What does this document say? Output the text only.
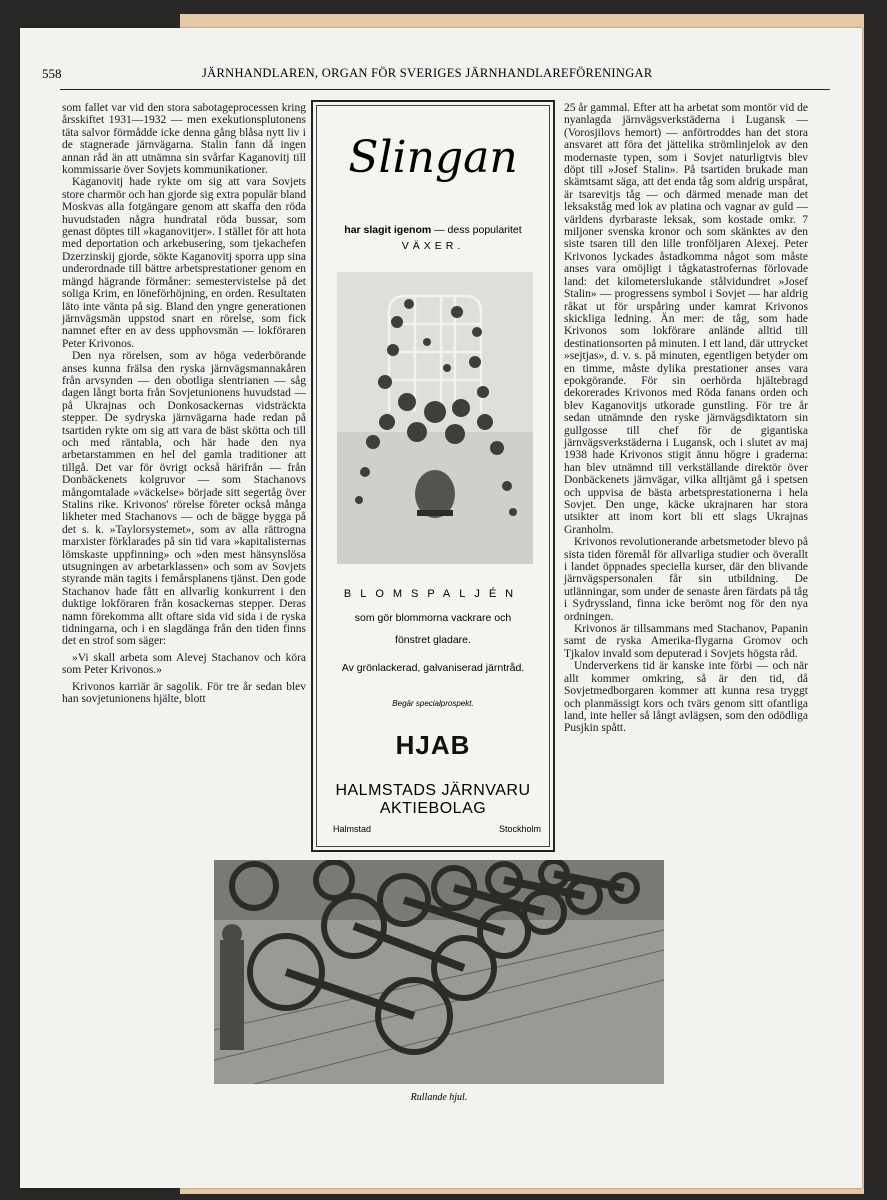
558	JÄRNHANDLAREN, ORGAN FÖR SVERIGES JÄRNHANDLAREFÖRENINGAR

som fallet var vid den stora sabotageprocessen kring årsskiftet 1931—1932 — men exekutionsplutonens täta salvor förmådde icke denna gång blåsa nytt liv i de stagnerade järnvägarna. Stalin fann då ingen annan råd än att utnämna sin svårfar Kaganovitj till kommissarie över Sovjets kommunikationer.

Kaganovitj hade rykte om sig att vara Sovjets store charmör och han gjorde sig extra populär bland Moskvas alla fotgängare genom att skaffa den röda huvudstaden några hundratal röda bussar, som genast döptes till »kaganovitjer». I stället för att hota med deportation och arkebusering, som tjekachefen Dzerzinskij gjorde, sökte Kaganovitj sporra upp sina underordnade till bättre arbetsprestationer genom en mängd hägrande förmåner: semestervistelse på det soliga Krim, en löneförhöjning, en orden. Resultaten läto inte vänta på sig. Bland den yngre generationen järnvägsmän uppstod snart en rörelse, som fick namnet efter en av dess upphovsmän — lokföraren Peter Krivonos.

Den nya rörelsen, som av höga vederbörande anses kunna frälsa den ryska järnvägsmannakåren från arvsynden — den obotliga slentrianen — såg dagen långt borta från Sovjetunionens huvudstad — på Ukrajnas och Donkosackernas vidsträckta stepper. De sydryska järnvägarna hade redan på tsartiden rykte om sig att vara de bäst skötta och till och med räntabla, och här hade den nya arbetarstammen en hel del gamla traditioner att tillgå. Det var för övrigt också härifrån — från Donbäckenets kolgruvor — som Stachanovs mångomtalade »väckelse» började sitt segertåg över Stalins rike. Krivonos' rörelse företer också många likheter med Stachanovs — och de bägge bygga på det s. k. »Taylorsystemet», som av alla rättrogna marxister förklarades på sin tid vara »kapitalisternas lömskaste uppfinning» och »den mest hänsynslösa utsugningen av arbetarklassen» och som av Sovjets styrande män tagits i femårsplanens tjänst. Den gode Stachanov hade fått en allvarlig konkurrent i den duktige lokföraren från kosackernas stepper. Deras namn förekomma allt oftare sida vid sida i de ryska tidningarna, och i en slagdänga från den tiden finns det en strof som säger:

»Vi skall arbeta som Alevej Stachanov och köra som Peter Krivonos.»

Krivonos karriär är sagolik. För tre år sedan blev han sovjetunionens hjälte, blott

Slingan
har slagit igenom — dess popularitet
VÄXER.
BLOMSPALJÉN
som gör blommorna vackrare och
fönstret gladare.
Av grönlackerad, galvaniserad järntråd.
Begär specialprospekt.
HJAB
HALMSTADS JÄRNVARU
AKTIEBOLAG
Halmstad	Stockholm

25 år gammal. Efter att ha arbetat som montör vid de nyanlagda järnvägsverkstäderna i Lugansk — (Vorosjilovs hemort) — anförtroddes han det stora ansvaret att föra det jättelika strömlinjelok av den modernaste typen, som i Sovjet naturligtvis blev döpt till »Josef Stalin». På tsartiden brukade man skämtsamt säga, att det enda tåg som aldrig urspårat, är tsarevitjs tåg — och därmed menade man det leksakståg med lok av platina och vagnar av guld — världens dyrbaraste leksak, som kostade omkr. 7 miljoner svenska kronor och som skänktes av den siste tsaren till den lille tronföljaren Alexej. Peter Krivonos lyckades åstadkomma något som måste anses vara omöjligt i tågkatastrofernas förlovade land: det kilometerslukande stålvidundret »Josef Stalin» — progressens symbol i Sovjet — har aldrig råkat ut för urspåring under kamrat Krivonos skickliga ledning. Än mer: de tåg, som hade Krivonos som lokförare anlände alltid till destinationsorten på minuten. I ett land, där uttrycket »sejtjas», d. v. s. på minuten, egentligen betyder om en timme, måste dylika prestationer anses vara epokgörande. För sin oerhörda hjältebragd dekorerades Krivonos med Röda fanans orden och blev Kaganovitjs utkorade gunstling. För tre år sedan utnämnde den ryske järnvägsdiktatorn sin gullgosse till chef för de gigantiska järnvägsverkstäderna i Lugansk, och i slutet av maj 1938 hade Krivonos stigit ännu högre i graderna: han blev utnämnd till verkställande direktör över Donbäckenets järnvägar, vilka alltjämt gå i spetsen och uppvisa de bästa arbetsprestationerna i hela Sovjet. Den unge, käcke ukrajnaren har stora utsikter att inom kort bli ett slags Ukrajnas Granholm.

Krivonos revolutionerande arbetsmetoder blevo på sista tiden föremål för allvarliga studier och överallt i landet öppnades speciella kurser, där den blivande järnvägspersonalen får sin utbildning. De utlänningar, som under de senaste åren färdats på tåg i Sydryssland, finna icke berömt nog för den nya ordningen.

Krivonos är tillsammans med Stachanov, Papanin samt de ryska Amerika-flygarna Gromov och Tjkalov invald som deputerad i Sovjets högsta råd.

Underverkens tid är kanske inte förbi — och när allt kommer omkring, så är den tid, då Sovjetmedborgaren kommer att kunna resa tryggt och planmässigt kors och tvärs genom sitt ofantliga land, inte heller så långt avlägsen, som den odödliga Pusjkin spått.

Rullande hjul.
